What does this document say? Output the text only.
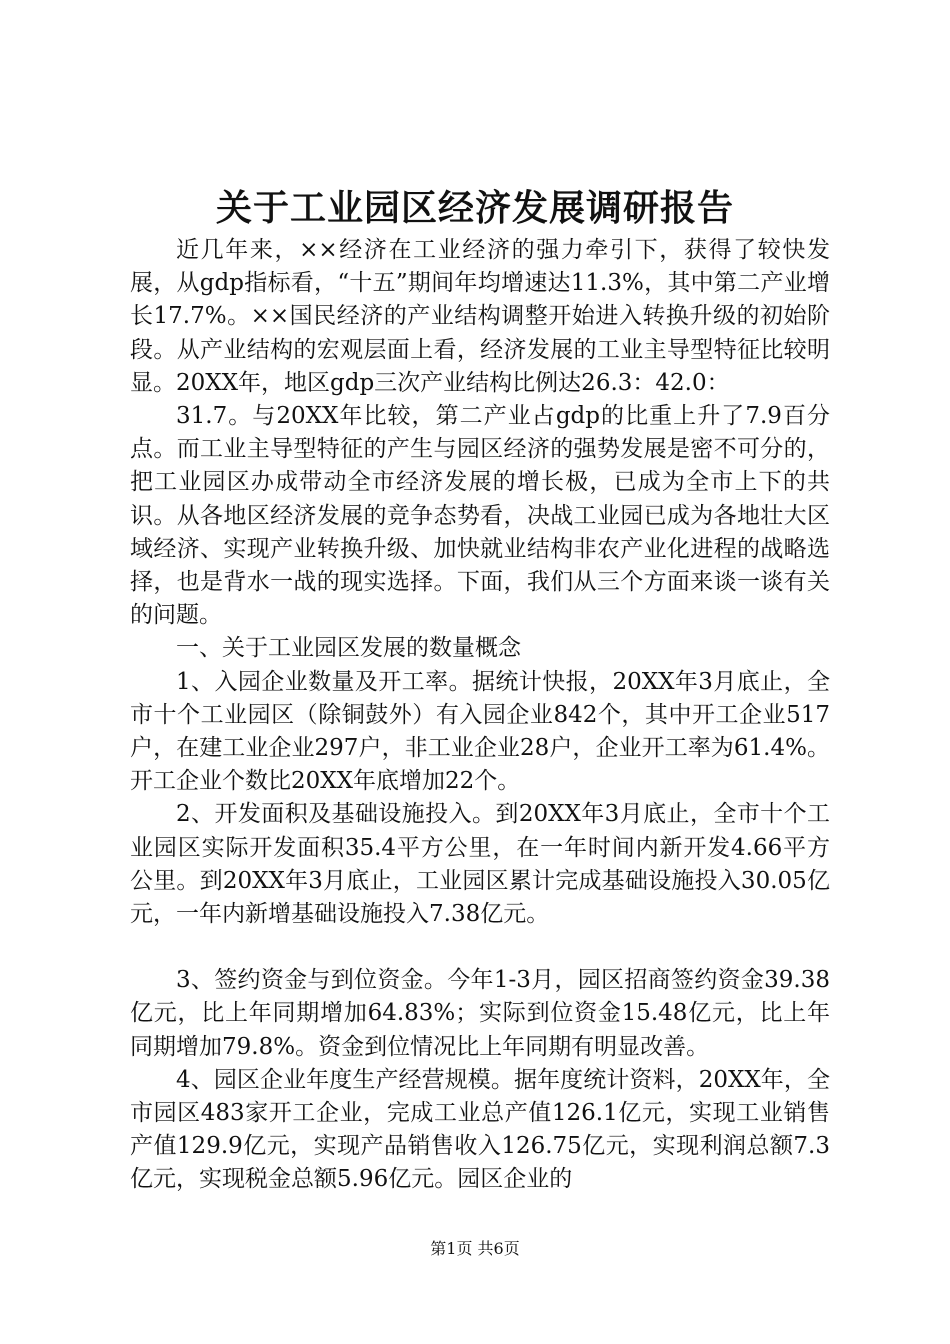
关于工业园区经济发展调研报告

近几年来，××经济在工业经济的强力牵引下，获得了较快发展，从gdp指标看，“十五”期间年均增速达11.3%，其中第二产业增长17.7%。××国民经济的产业结构调整开始进入转换升级的初始阶段。从产业结构的宏观层面上看，经济发展的工业主导型特征比较明显。20XX年，地区gdp三次产业结构比例达26.3：42.0：

31.7。与20XX年比较，第二产业占gdp的比重上升了7.9百分点。而工业主导型特征的产生与园区经济的强势发展是密不可分的，把工业园区办成带动全市经济发展的增长极，已成为全市上下的共识。从各地区经济发展的竞争态势看，决战工业园已成为各地壮大区域经济、实现产业转换升级、加快就业结构非农产业化进程的战略选择，也是背水一战的现实选择。下面，我们从三个方面来谈一谈有关的问题。

一、关于工业园区发展的数量概念

1、入园企业数量及开工率。据统计快报，20XX年3月底止，全市十个工业园区（除铜鼓外）有入园企业842个，其中开工企业517户，在建工业企业297户，非工业企业28户，企业开工率为61.4%。开工企业个数比20XX年底增加22个。

2、开发面积及基础设施投入。到20XX年3月底止，全市十个工业园区实际开发面积35.4平方公里，在一年时间内新开发4.66平方公里。到20XX年3月底止，工业园区累计完成基础设施投入30.05亿元，一年内新增基础设施投入7.38亿元。

3、签约资金与到位资金。今年1-3月，园区招商签约资金39.38亿元，比上年同期增加64.83%；实际到位资金15.48亿元，比上年同期增加79.8%。资金到位情况比上年同期有明显改善。

4、园区企业年度生产经营规模。据年度统计资料，20XX年，全市园区483家开工企业，完成工业总产值126.1亿元，实现工业销售产值129.9亿元，实现产品销售收入126.75亿元，实现利润总额7.3亿元，实现税金总额5.96亿元。园区企业的

第1页 共6页
